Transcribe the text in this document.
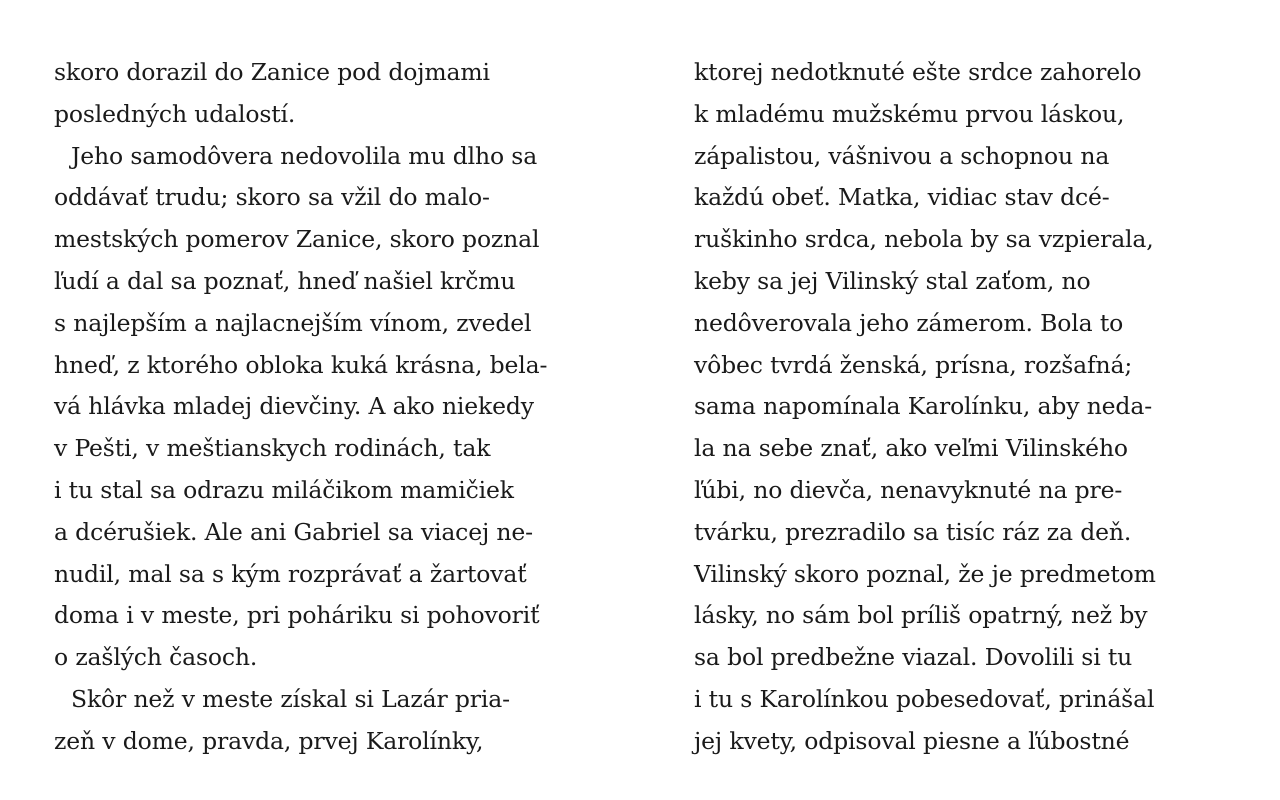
skoro dorazil do Zanice pod dojmami
posledných udalostí.
Jeho samodôvera nedovolila mu dlho sa
oddávať trudu; skoro sa vžil do malo-
mestských pomerov Zanice, skoro poznal
ľudí a dal sa poznať, hneď našiel krčmu
s najlepším a najlacnejším vínom, zvedel
hneď, z ktorého obloka kuká krásna, bela-
vá hlávka mladej dievčiny. A ako niekedy
v Pešti, v meštianskych rodinách, tak
i tu stal sa odrazu miláčikom mamičiek
a dcérušiek. Ale ani Gabriel sa viacej ne-
nudil, mal sa s kým rozprávať a žartovať
doma i v meste, pri poháriku si pohovoriť
o zašlých časoch.
Skôr než v meste získal si Lazár pria-
zeň v dome, pravda, prvej Karolínky,
ktorej nedotknuté ešte srdce zahorelo
k mladému mužskému prvou láskou,
zápalistou, vášnivou a schopnou na
každú obeť. Matka, vidiac stav dcé-
ruškinho srdca, nebola by sa vzpierala,
keby sa jej Vilinský stal zaťom, no
nedôverovala jeho zámerom. Bola to
vôbec tvrdá ženská, prísna, rozšafná;
sama napomínala Karolínku, aby neda-
la na sebe znať, ako veľmi Vilinského
ľúbi, no dievča, nenavyknuté na pre-
tvárku, prezradilo sa tisíc ráz za deň.
Vilinský skoro poznal, že je predmetom
lásky, no sám bol príliš opatrný, než by
sa bol predbežne viazal. Dovolili si tu
i tu s Karolínkou pobesedovať, prinášal
jej kvety, odpisoval piesne a ľúbostné
